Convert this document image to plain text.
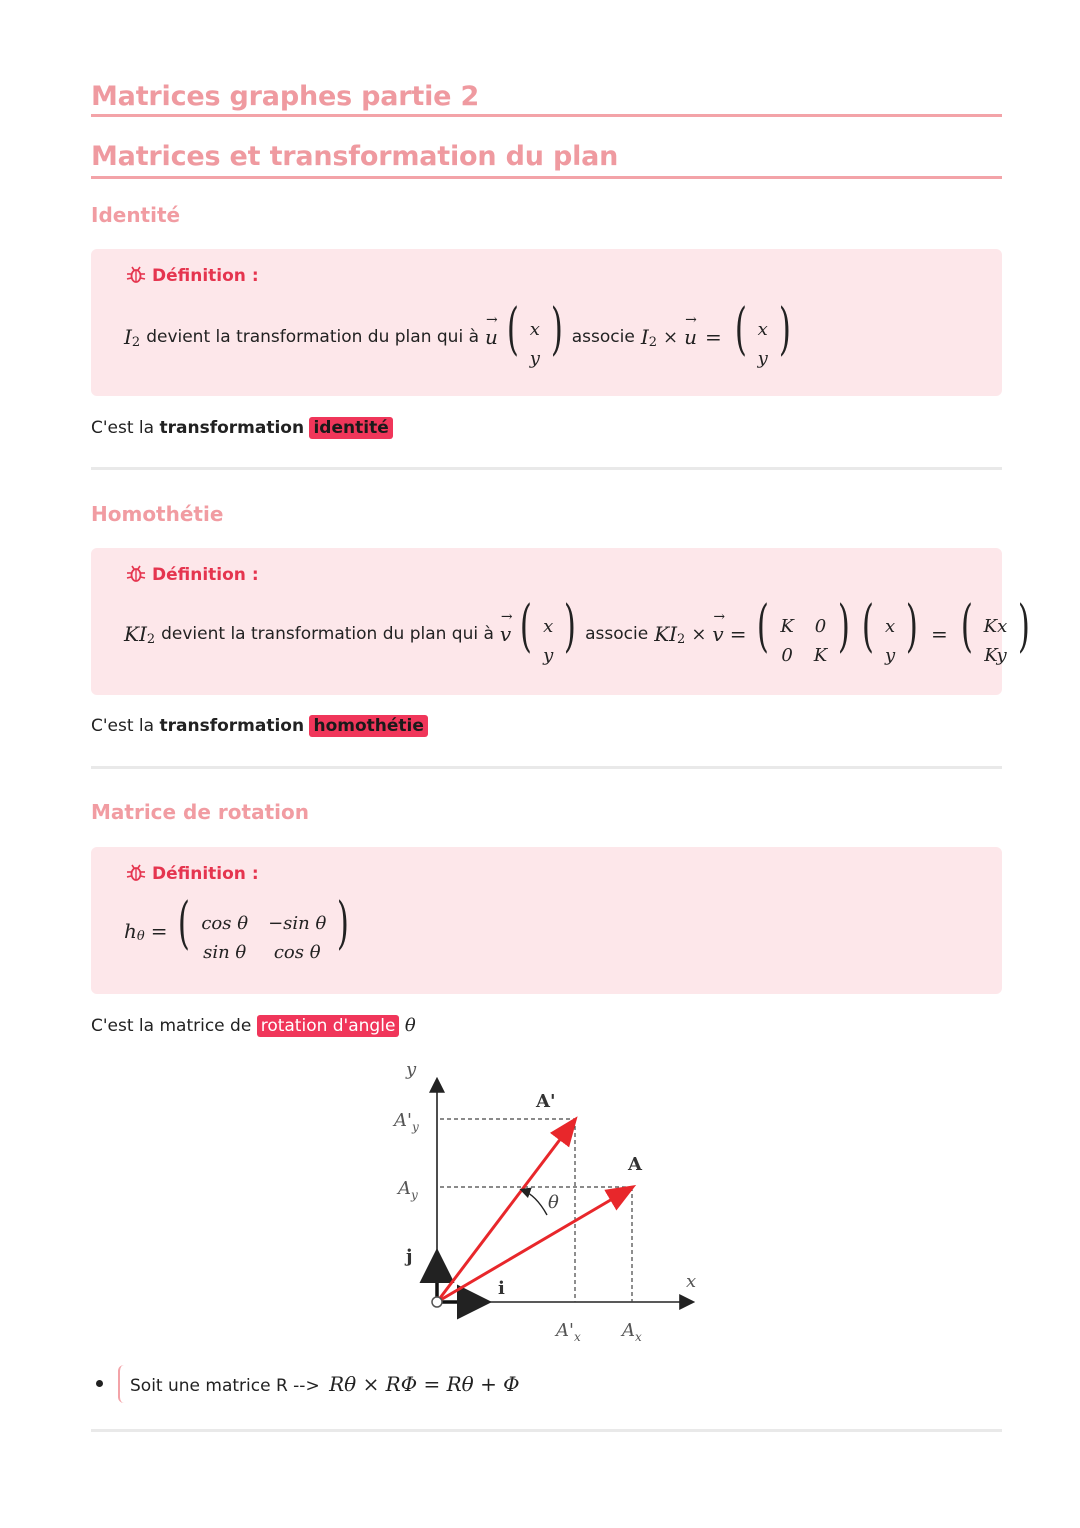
Matrices graphes partie 2
Matrices et transformation du plan
Identité
Définition :
I 2 devient la transformation du plan qui à
→
u ( x
y ) associe I 2 ×
→
u = ( x
y )
C'est la transformation identité
Homothétie
Définition :
KI 2 devient la transformation du plan qui à
→
v ( x
y ) associe KI 2 ×
→
v = ( K
0
0
K ) ( x
y ) = ( Kx
Ky )
C'est la transformation homothétie
Matrice de rotation
Définition :
h θ = ( cos θ
sin θ
−sin θ
cos θ )
C'est la matrice de rotation d'angle θ
y
x
$A'_y$
$A_y$
A'
A
θ
j
i
$A'_x$ $A_x$
Soit une matrice R --> Rθ × RΦ = Rθ + Φ
